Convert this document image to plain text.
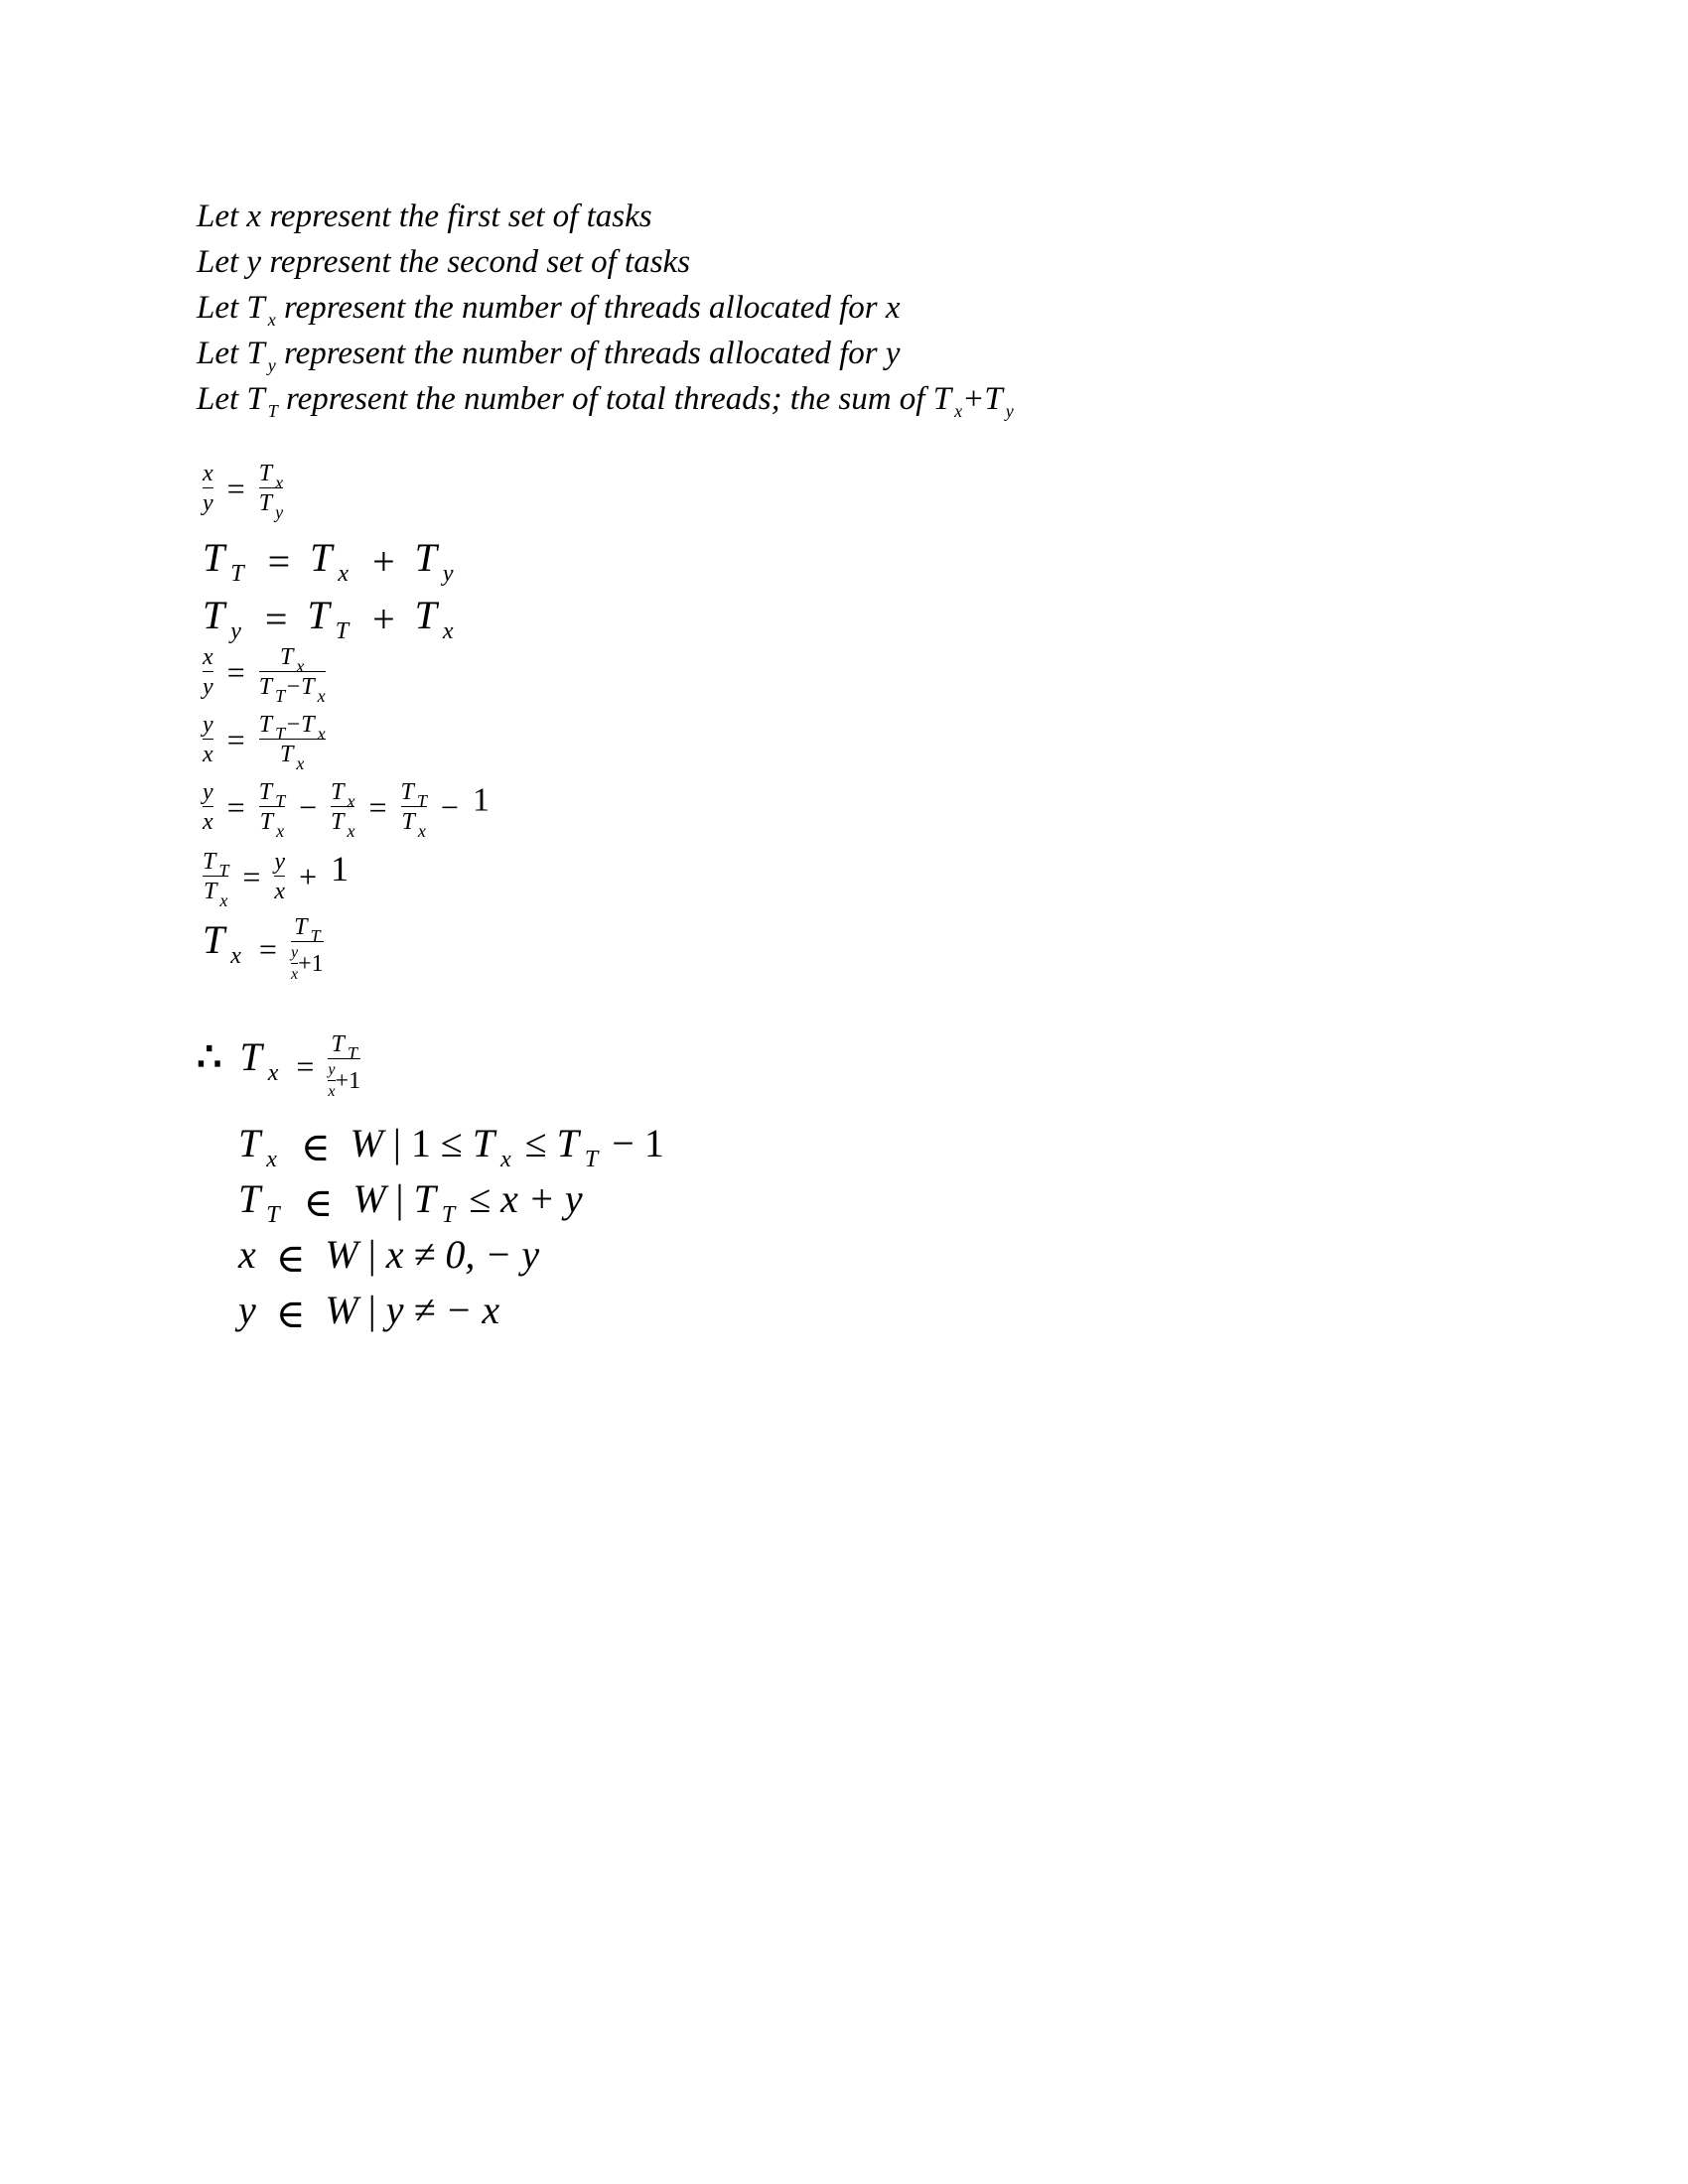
Let x represent the first set of tasks
Let y represent the second set of tasks
Let T $_x$ represent the number of threads allocated for x
Let T $_y$ represent the number of threads allocated for y
Let T $_T$ represent the number of total threads; the sum of T $_x$+T $_y$
$\frac{x}{y} = \frac{T _x}{T _y}$
T $_T$ = T $_x$ + T $_y$
T $_y$ = T $_T$ + T $_x$
$\frac{x}{y} = \frac{T _x}{T _T-T _x}$
$\frac{y}{x} = \frac{T _T-T _x}{T _x}$
$\frac{y}{x} = \frac{T _T}{T _x} - \frac{T _x}{T _x} = \frac{T _T}{T _x} - 1$
$\frac{T _T}{T _x} = \frac{y}{x} + 1$
T $_x = \frac{T _T}{\frac{y}{x} + 1}$
∴ T $_x = \frac{T _T}{\frac{y}{x} + 1}$
T $_x$ ∈ W | 1 ≤ T $_x$ ≤ T $_T$ − 1
T $_T$ ∈ W | T $_T$ ≤ x + y
x ∈ W | x ≠ 0, − y
y ∈ W | y ≠ − x
